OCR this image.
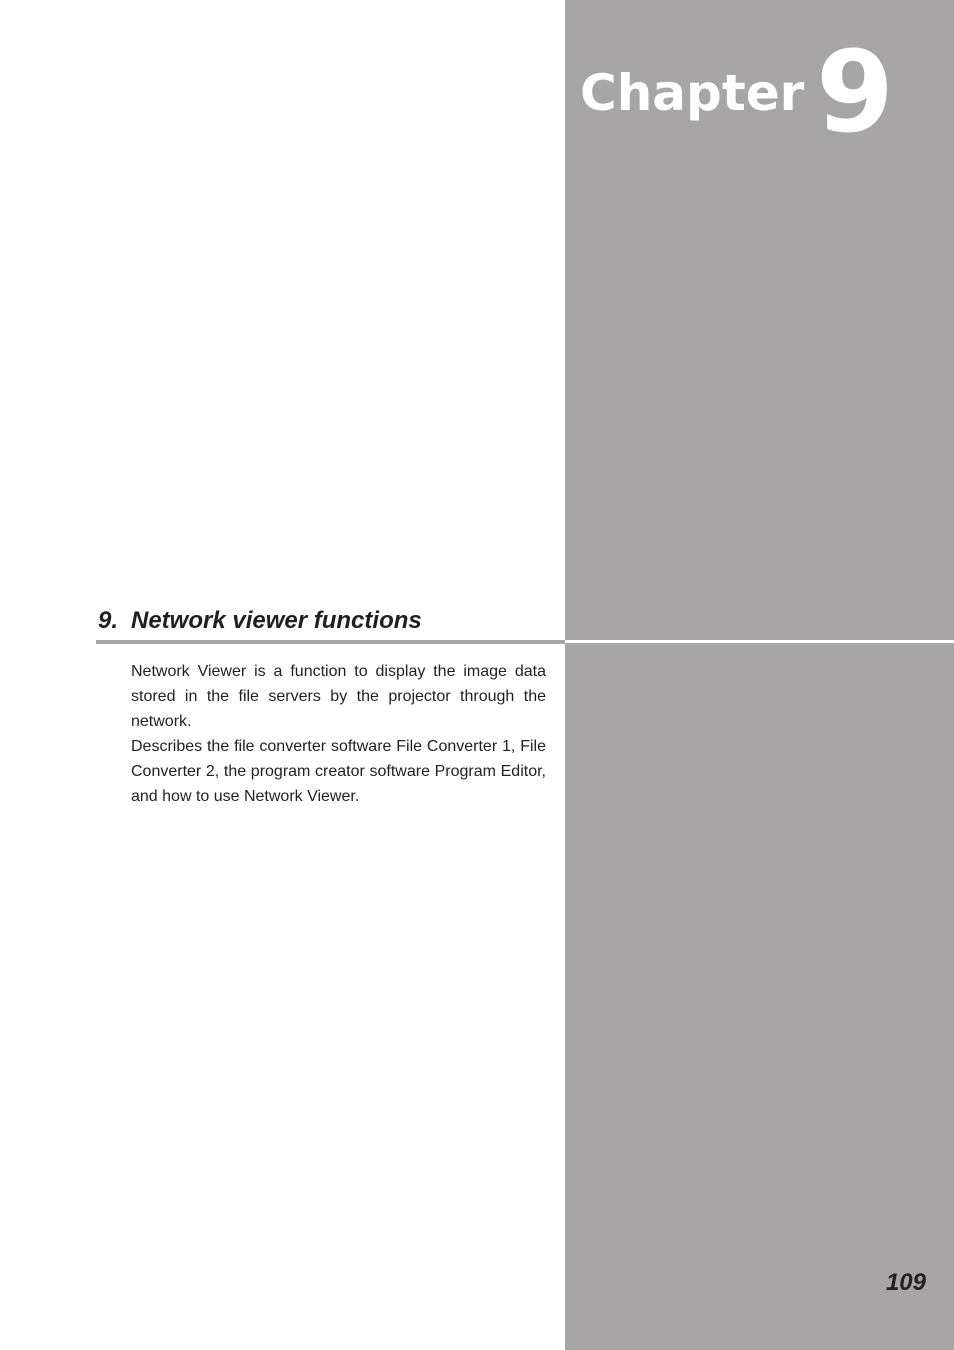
Chapter 9
9. Network viewer functions

Network Viewer is a function to display the image data stored in the file servers by the projector through the network.

Describes the file converter software File Converter 1, File Converter 2, the program creator software Program Editor, and how to use Network Viewer.

109
